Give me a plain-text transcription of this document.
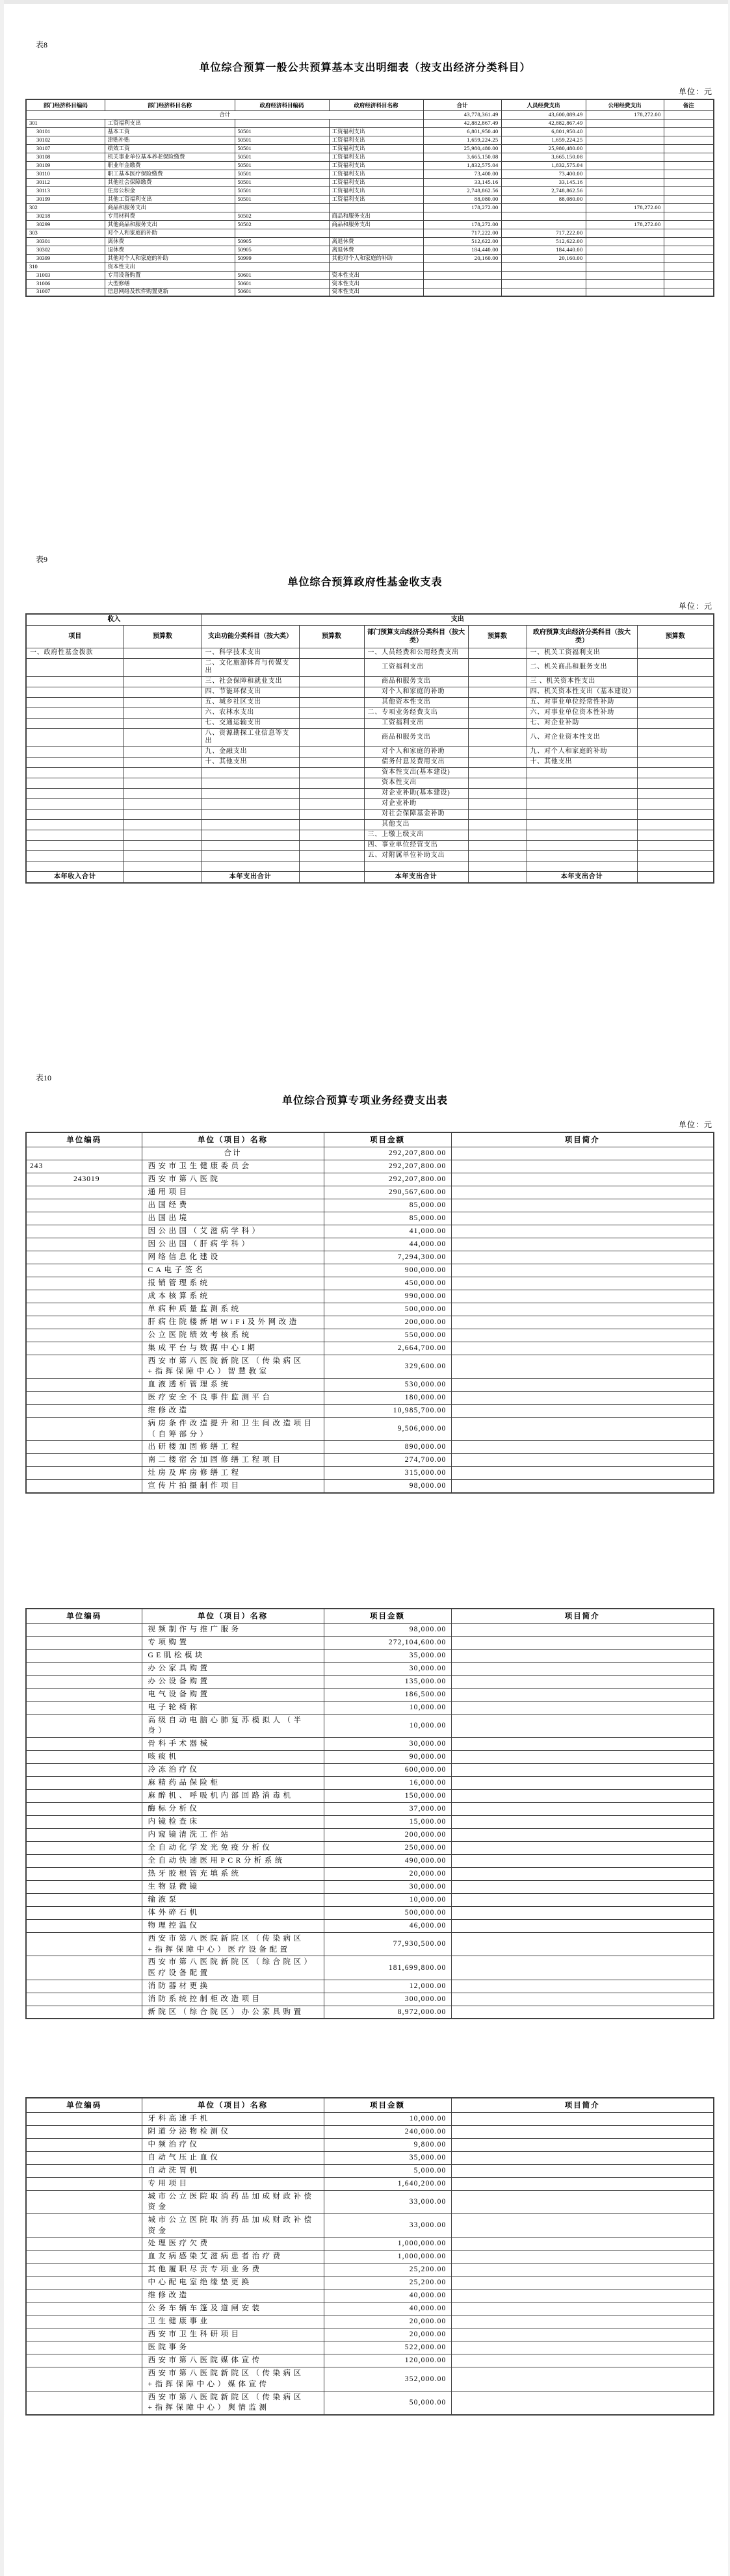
表8
单位综合预算一般公共预算基本支出明细表（按支出经济分类科目）
单位：元
部门经济科目编码	部门经济科目名称	政府经济科目编码	政府经济科目名称	合计	人员经费支出	公用经费支出	备注
合计				43,778,361.49	43,600,089.49	178,272.00	
301	工资福利支出			42,882,867.49	42,882,867.49		
30101	基本工资	50501	工资福利支出	6,801,950.40	6,801,950.40		
30102	津贴补贴	50501	工资福利支出	1,659,224.25	1,659,224.25		
30107	绩效工资	50501	工资福利支出	25,980,480.00	25,980,480.00		
30108	机关事业单位基本养老保险缴费	50501	工资福利支出	3,665,150.08	3,665,150.08		
30109	职业年金缴费	50501	工资福利支出	1,832,575.04	1,832,575.04		
30110	职工基本医疗保险缴费	50501	工资福利支出	73,400.00	73,400.00		
30112	其他社会保障缴费	50501	工资福利支出	33,145.16	33,145.16		
30113	住房公积金	50501	工资福利支出	2,748,862.56	2,748,862.56		
30199	其他工资福利支出	50501	工资福利支出	88,080.00	88,080.00		
302	商品和服务支出			178,272.00		178,272.00	
30218	专用材料费	50502	商品和服务支出				
30299	其他商品和服务支出	50502	商品和服务支出	178,272.00		178,272.00	
303	对个人和家庭的补助			717,222.00	717,222.00		
30301	离休费	50905	离退休费	512,622.00	512,622.00		
30302	退休费	50905	离退休费	184,440.00	184,440.00		
30399	其他对个人和家庭的补助	50999	其他对个人和家庭的补助	20,160.00	20,160.00		
310	资本性支出						
31003	专用设备购置	50601	资本性支出				
31006	大型修缮	50601	资本性支出				
31007	信息网络及软件购置更新	50601	资本性支出				
表9
单位综合预算政府性基金收支表
单位：元
收入		支出					
项目	预算数	支出功能分类科目（按大类）	预算数	部门预算支出经济分类科目（按大类）	预算数	政府预算支出经济分类科目（按大类）	预算数
一、政府性基金拨款		一、科学技术支出		一、人员经费和公用经费支出		一、机关工资福利支出	
		二、文化旅游体育与传媒支出		　　工资福利支出		二、机关商品和服务支出	
		三、社会保障和就业支出		　　商品和服务支出		三 、机关资本性支出	
		四、节能环保支出		　　对个人和家庭的补助		四、机关资本性支出（基本建设）	
		五、城乡社区支出		　　其他资本性支出		五、对事业单位经常性补助	
		六、农林水支出		二、专项业务经费支出		六、对事业单位资本性补助	
		七、交通运输支出		　　工资福利支出		七、对企业补助	
		八、资源勘探工业信息等支出		　　商品和服务支出		八、对企业资本性支出	
		九、金融支出		　　对个人和家庭的补助		九、对个人和家庭的补助	
		十、其他支出		　　债务付息及费用支出		十、其他支出	
				　　资本性支出(基本建设)			
				　　资本性支出			
				　　对企业补助(基本建设)			
				　　对企业补助			
				　　对社会保障基金补助			
				　　其他支出			
				三、上缴上级支出			
				四、事业单位经营支出			
				五、对附属单位补助支出			

本年收入合计		本年支出合计		本年支出合计		本年支出合计	
表10
单位综合预算专项业务经费支出表
单位：元
单位编码	单位（项目）名称	项目金额	项目简介
	合计	292,207,800.00	
243	西安市卫生健康委员会	292,207,800.00	
243019	西安市第八医院	292,207,800.00	
	通用项目	290,567,600.00	
	出国经费	85,000.00	
	出国出境	85,000.00	
	因公出国（艾滋病学科）	41,000.00	
	因公出国（肝病学科）	44,000.00	
	网络信息化建设	7,294,300.00	
	CA电子签名	900,000.00	
	报销管理系统	450,000.00	
	成本核算系统	990,000.00	
	单病种质量监测系统	500,000.00	
	肝病住院楼新增WiFi及外网改造	200,000.00	
	公立医院绩效考核系统	550,000.00	
	集成平台与数据中心Ⅰ期	2,664,700.00	
	西安市第八医院新院区（传染病区+指挥保障中心）智慧教室	329,600.00	
	血液透析管理系统	530,000.00	
	医疗安全不良事件监测平台	180,000.00	
	维修改造	10,985,700.00	
	病房条件改造提升和卫生间改造项目（自筹部分）	9,506,000.00	
	出研楼加固修缮工程	890,000.00	
	南二楼宿舍加固修缮工程项目	274,700.00	
	灶房及库房修缮工程	315,000.00	
	宣传片拍摄制作项目	98,000.00	
单位编码	单位（项目）名称	项目金额	项目简介
	视频制作与推广服务	98,000.00	
	专项购置	272,104,600.00	
	GE肌松模块	35,000.00	
	办公家具购置	30,000.00	
	办公设备购置	135,000.00	
	电气设备购置	186,500.00	
	电子轮椅称	10,000.00	
	高级自动电脑心肺复苏模拟人（半身）	10,000.00	
	骨科手术器械	30,000.00	
	咳痰机	90,000.00	
	冷冻治疗仪	600,000.00	
	麻精药品保险柜	16,000.00	
	麻醉机、呼吸机内部回路消毒机	150,000.00	
	酶标分析仪	37,000.00	
	内镜检查床	15,000.00	
	内窥镜清洗工作站	200,000.00	
	全自动化学发光免疫分析仪	250,000.00	
	全自动快速医用PCR分析系统	490,000.00	
	热牙胶根管充填系统	20,000.00	
	生物显微镜	30,000.00	
	输液泵	10,000.00	
	体外碎石机	500,000.00	
	物理控温仪	46,000.00	
	西安市第八医院新院区（传染病区+指挥保障中心）医疗设备配置	77,930,500.00	
	西安市第八医院新院区（综合院区）医疗设备配置	181,699,800.00	
	消防器材更换	12,000.00	
	消防系统控制柜改造项目	300,000.00	
	新院区（综合院区）办公家具购置	8,972,000.00	
单位编码	单位（项目）名称	项目金额	项目简介
	牙科高速手机	10,000.00	
	阴道分泌物检测仪	240,000.00	
	中频治疗仪	9,800.00	
	自动气压止血仪	35,000.00	
	自动洗胃机	5,000.00	
	专用项目	1,640,200.00	
	城市公立医院取消药品加成财政补偿资金	33,000.00	
	城市公立医院取消药品加成财政补偿资金	33,000.00	
	处理医疗欠费	1,000,000.00	
	血友病感染艾滋病患者治疗费	1,000,000.00	
	其他履职尽责专项业务费	25,200.00	
	中心配电室绝缘垫更换	25,200.00	
	维修改造	40,000.00	
	公务车辆车篷及道闸安装	40,000.00	
	卫生健康事业	20,000.00	
	西安市卫生科研项目	20,000.00	
	医院事务	522,000.00	
	西安市第八医院媒体宣传	120,000.00	
	西安市第八医院新院区（传染病区+指挥保障中心）媒体宣传	352,000.00	
	西安市第八医院新院区（传染病区+指挥保障中心）舆情监测	50,000.00	
